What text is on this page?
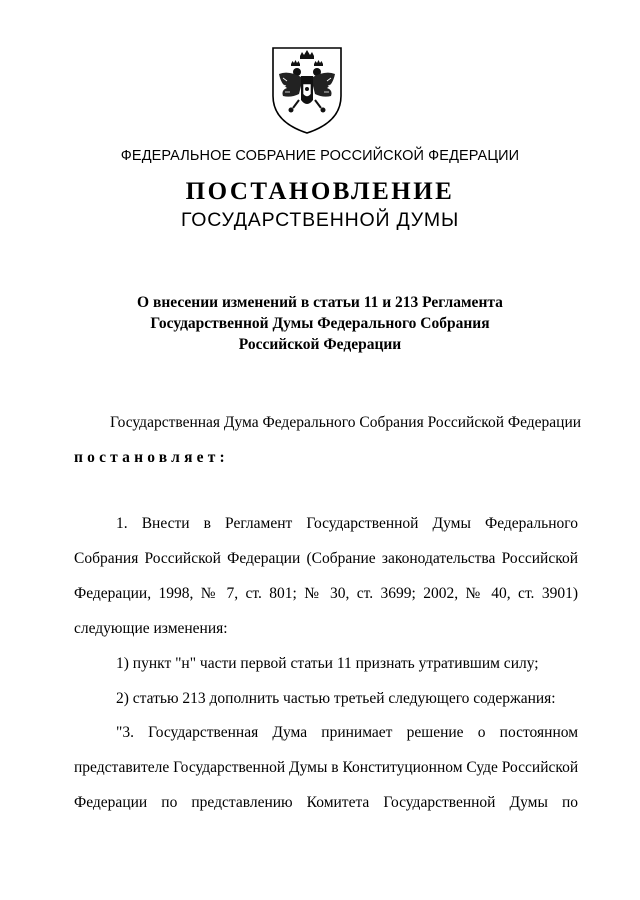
ФЕДЕРАЛЬНОЕ СОБРАНИЕ РОССИЙСКОЙ ФЕДЕРАЦИИ
ПОСТАНОВЛЕНИЕ
ГОСУДАРСТВЕННОЙ ДУМЫ
О внесении изменений в статьи 11 и 213 Регламента
Государственной Думы Федерального Собрания
Российской Федерации
Государственная Дума Федерального Собрания Российской Федерации
постановляет:
1. Внести в Регламент Государственной Думы Федерального
Собрания Российской Федерации (Собрание законодательства Российской
Федерации, 1998, № 7, ст. 801; № 30, ст. 3699; 2002, № 40, ст. 3901)
следующие изменения:
1) пункт "н" части первой статьи 11 признать утратившим силу;
2) статью 213 дополнить частью третьей следующего содержания:
"3. Государственная Дума принимает решение о постоянном
представителе Государственной Думы в Конституционном Суде Российской
Федерации по представлению Комитета Государственной Думы по
